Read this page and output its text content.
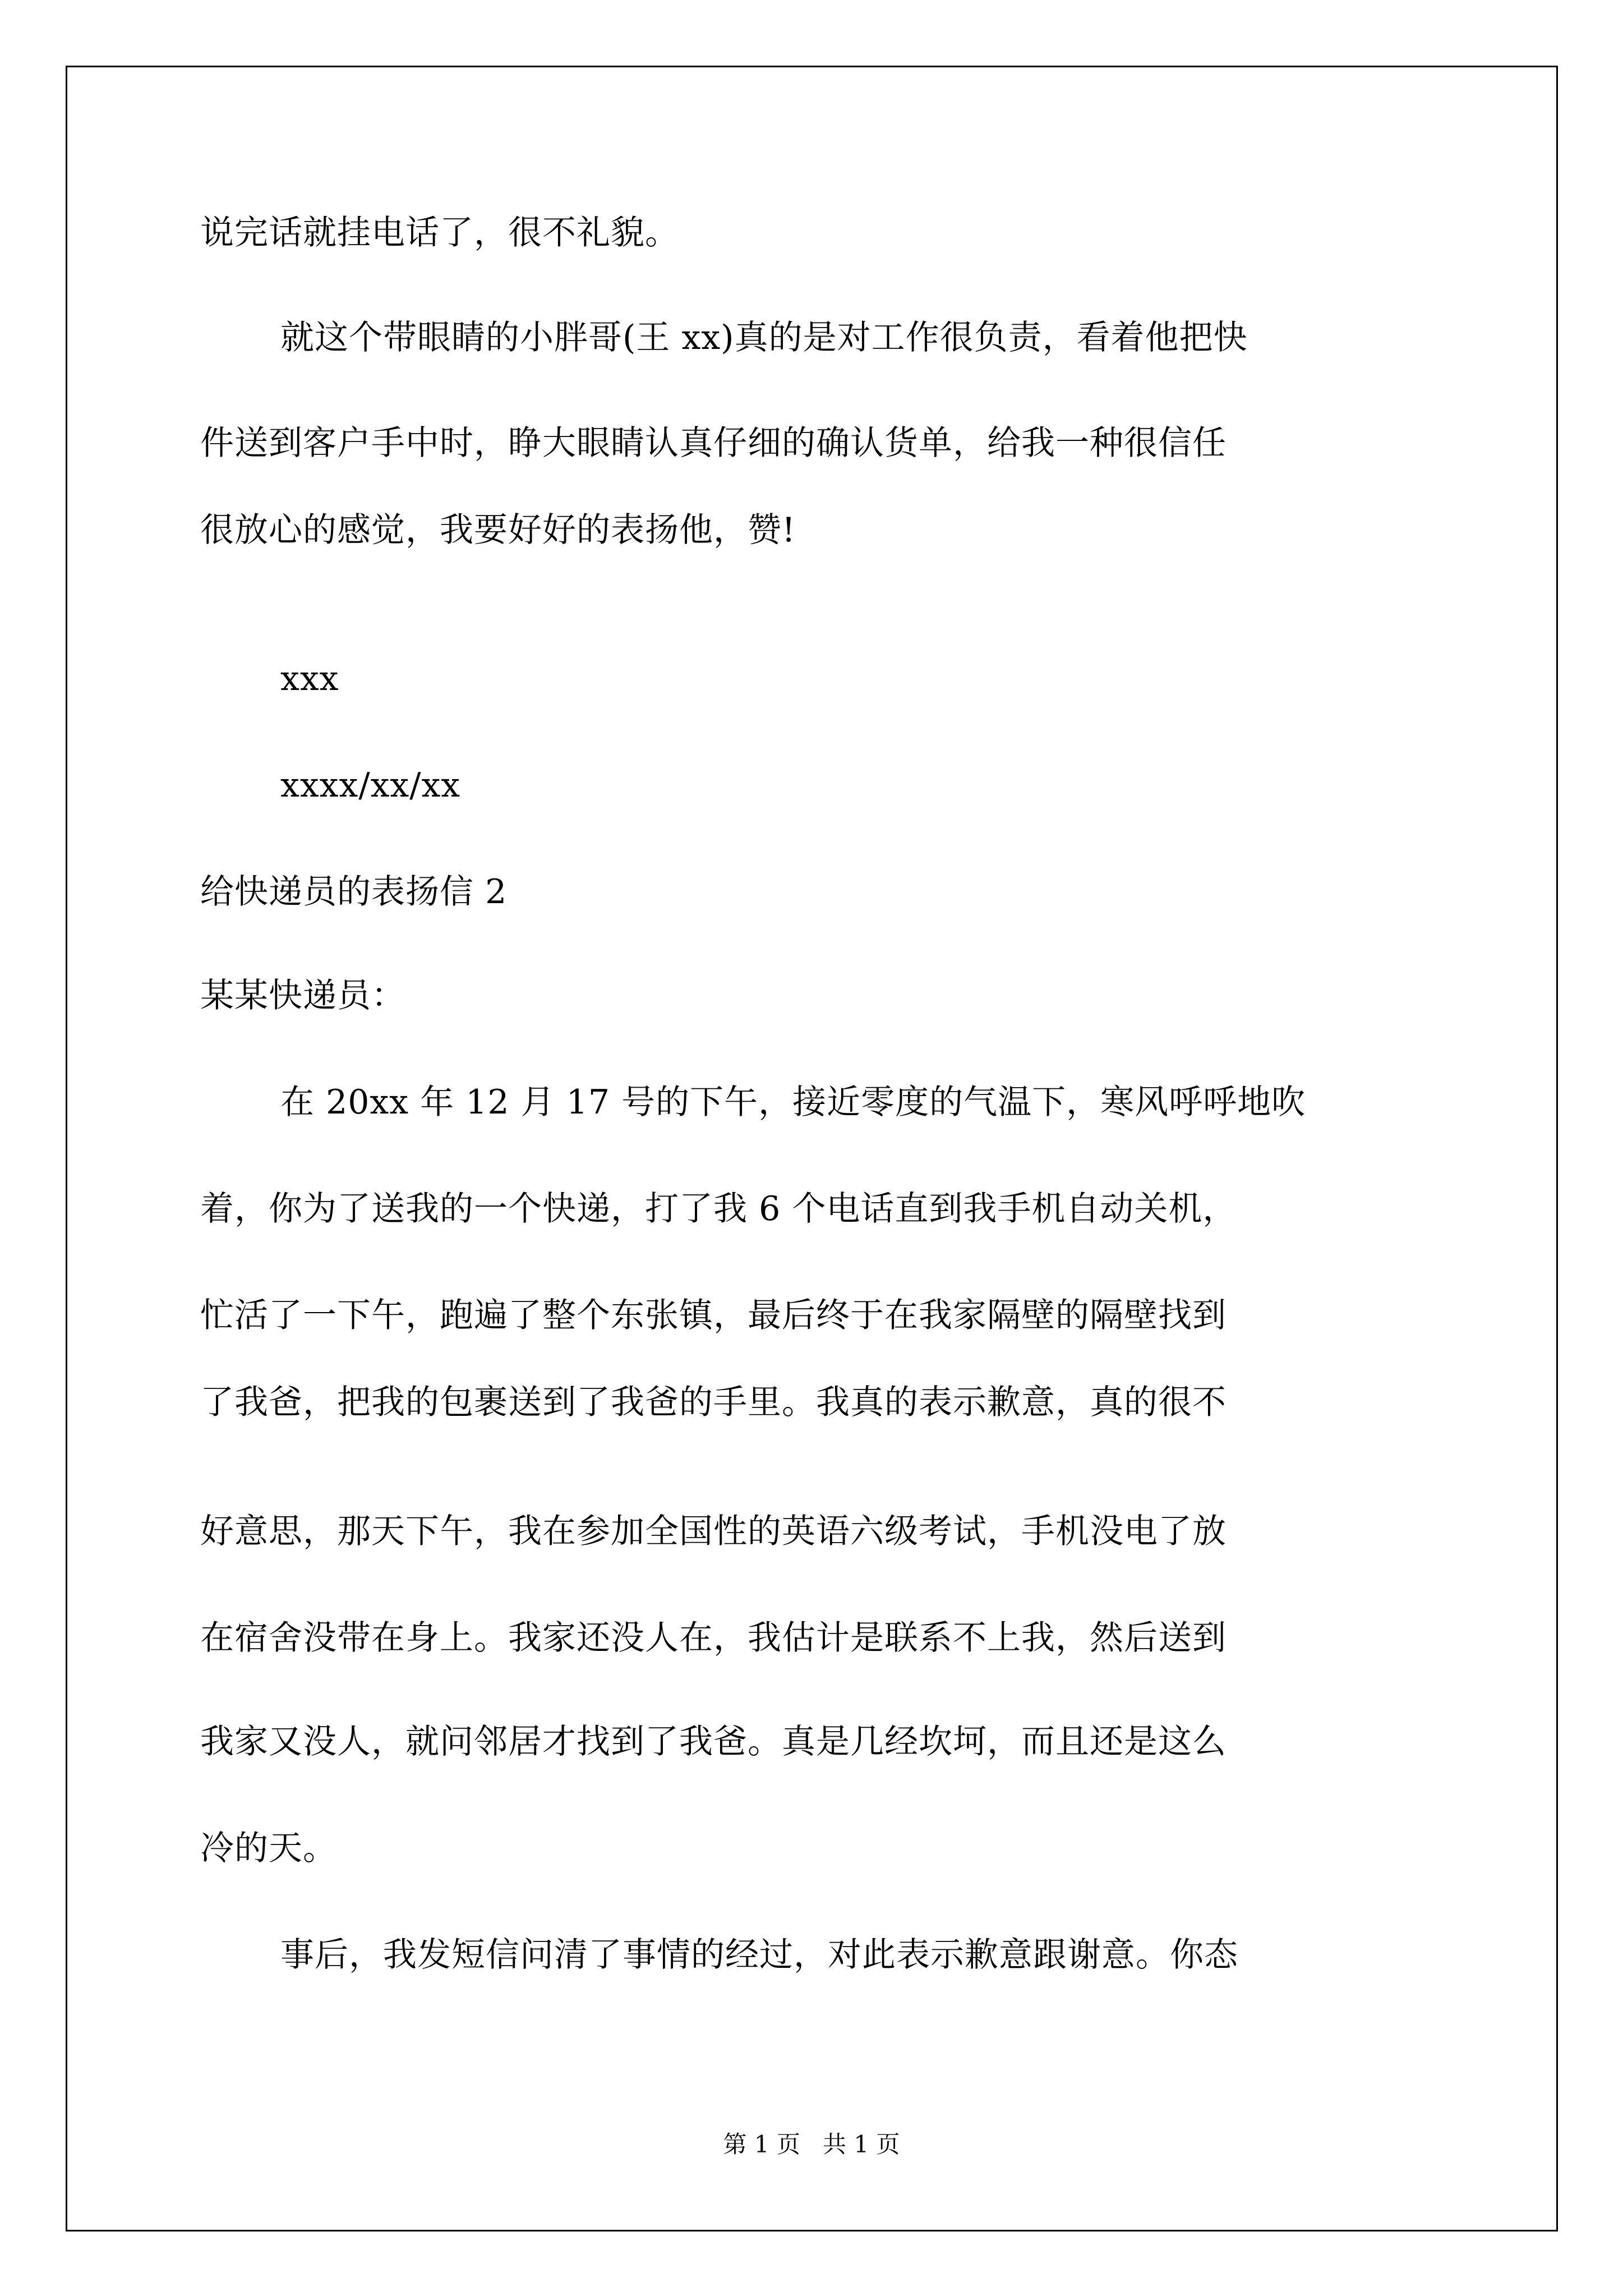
说完话就挂电话了，很不礼貌。
就这个带眼睛的小胖哥(王 xx)真的是对工作很负责，看着他把快
件送到客户手中时，睁大眼睛认真仔细的确认货单，给我一种很信任
很放心的感觉，我要好好的表扬他，赞!
xxx
xxxx/xx/xx
给快递员的表扬信 2
某某快递员：
在 20xx 年 12 月 17 号的下午，接近零度的气温下，寒风呼呼地吹
着，你为了送我的一个快递，打了我 6 个电话直到我手机自动关机，
忙活了一下午，跑遍了整个东张镇，最后终于在我家隔壁的隔壁找到
了我爸，把我的包裹送到了我爸的手里。我真的表示歉意，真的很不
好意思，那天下午，我在参加全国性的英语六级考试，手机没电了放
在宿舍没带在身上。我家还没人在，我估计是联系不上我，然后送到
我家又没人，就问邻居才找到了我爸。真是几经坎坷，而且还是这么
冷的天。
事后，我发短信问清了事情的经过，对此表示歉意跟谢意。你态
第 1 页   共 1 页
